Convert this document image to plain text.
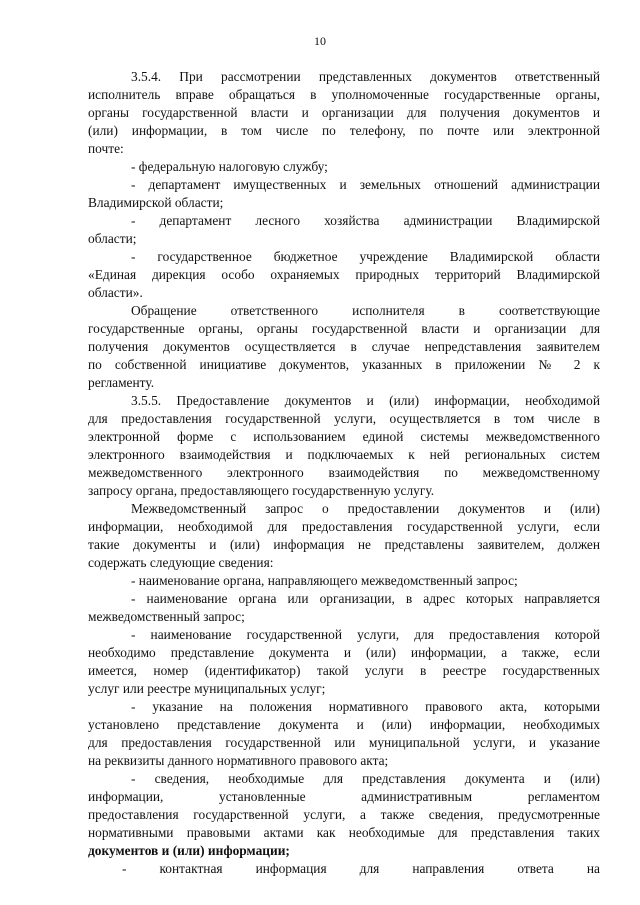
10
3.5.4. При рассмотрении представленных документов ответственный
исполнитель вправе обращаться в уполномоченные государственные органы,
органы государственной власти и организации для получения документов и
(или) информации, в том числе по телефону, по почте или электронной
почте:
- федеральную налоговую службу;
- департамент имущественных и земельных отношений администрации
Владимирской области;
- департамент лесного хозяйства администрации Владимирской
области;
- государственное бюджетное учреждение Владимирской области
«Единая дирекция особо охраняемых природных территорий Владимирской
области».
Обращение ответственного исполнителя в соответствующие
государственные органы, органы государственной власти и организации для
получения документов осуществляется в случае непредставления заявителем
по собственной инициативе документов, указанных в приложении № 2 к
регламенту.
3.5.5. Предоставление документов и (или) информации, необходимой
для предоставления государственной услуги, осуществляется в том числе в
электронной форме с использованием единой системы межведомственного
электронного взаимодействия и подключаемых к ней региональных систем
межведомственного электронного взаимодействия по межведомственному
запросу органа, предоставляющего государственную услугу.
Межведомственный запрос о предоставлении документов и (или)
информации, необходимой для предоставления государственной услуги, если
такие документы и (или) информация не представлены заявителем, должен
содержать следующие сведения:
- наименование органа, направляющего межведомственный запрос;
- наименование органа или организации, в адрес которых направляется
межведомственный запрос;
- наименование государственной услуги, для предоставления которой
необходимо представление документа и (или) информации, а также, если
имеется, номер (идентификатор) такой услуги в реестре государственных
услуг или реестре муниципальных услуг;
- указание на положения нормативного правового акта, которыми
установлено представление документа и (или) информации, необходимых
для предоставления государственной или муниципальной услуги, и указание
на реквизиты данного нормативного правового акта;
- сведения, необходимые для представления документа и (или)
информации, установленные административным регламентом
предоставления государственной услуги, а также сведения, предусмотренные
нормативными правовыми актами как необходимые для представления таких
документов и (или) информации;
- контактная информация для направления ответа на
